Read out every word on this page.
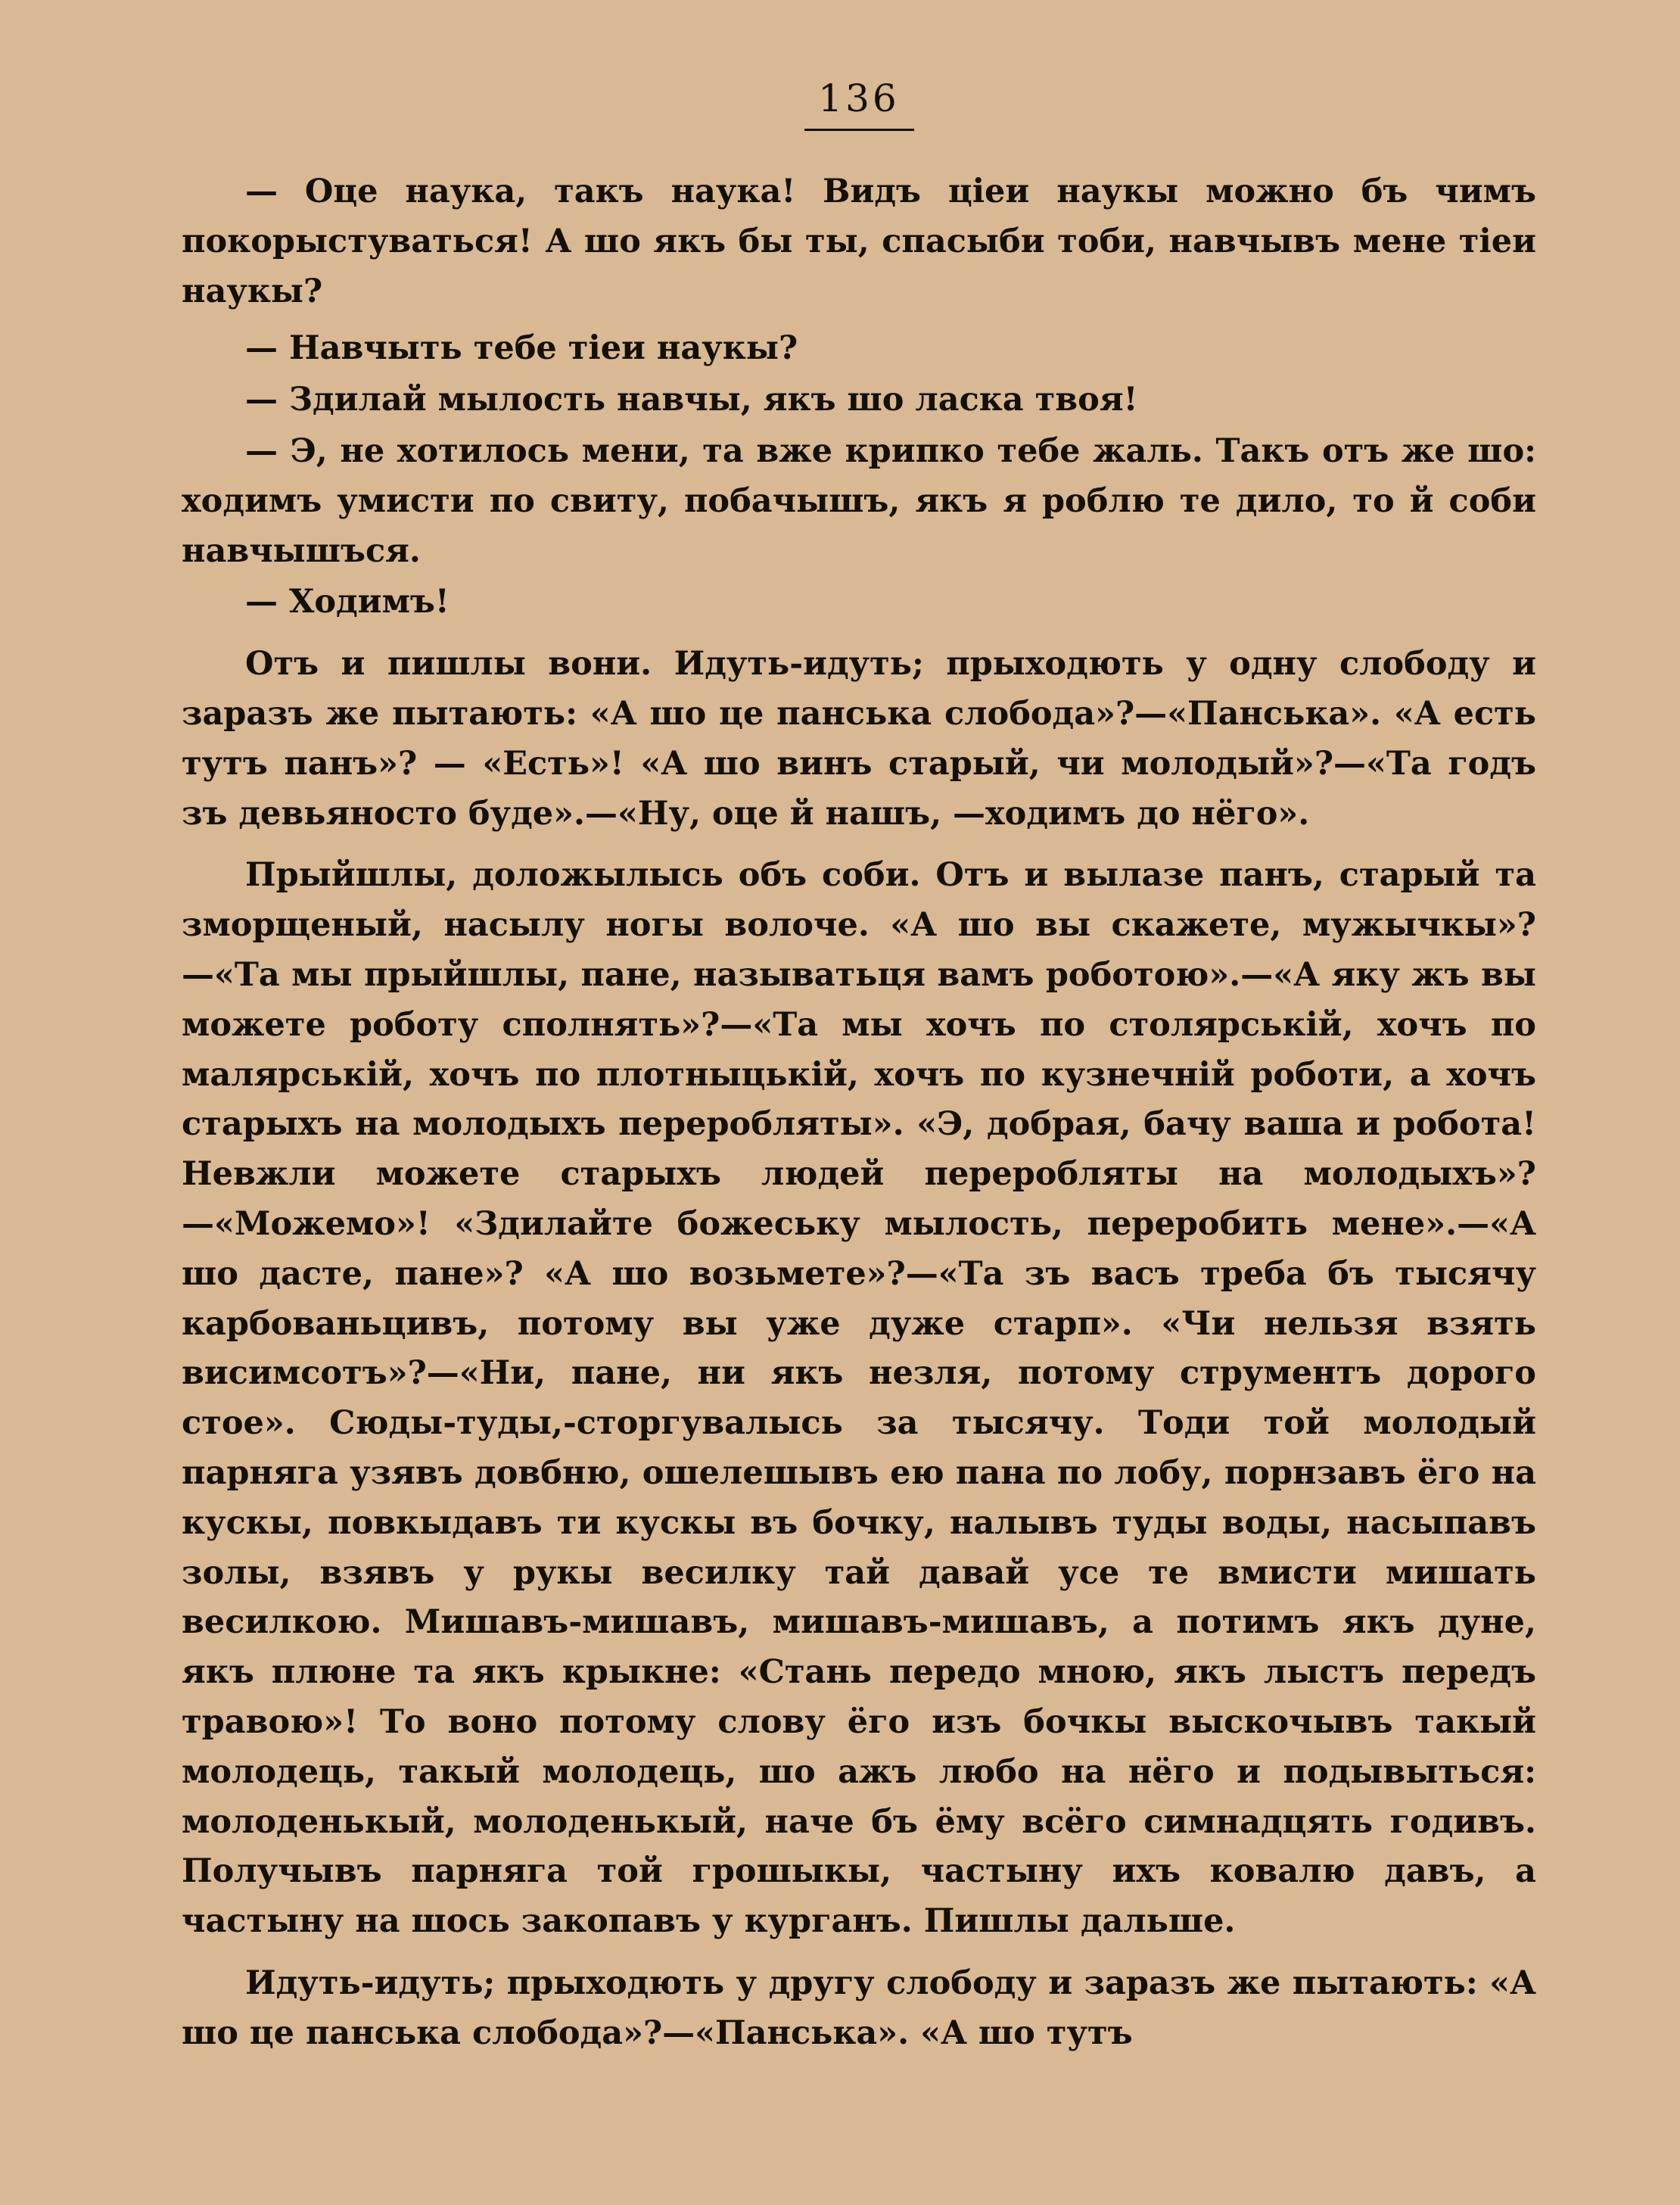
136

— Оце наука, такъ наука! Видъ ціеи наукы можно бъ чимъ покорыстуваться! А шо якъ бы ты, спасыби тоби, навчывъ мене тіеи наукы?

— Навчыть тебе тіеи наукы?

— Здилай мылость навчы, якъ шо ласка твоя!

— Э, не хотилось мени, та вже крипко тебе жаль. Такъ отъ же шо: ходимъ умисти по свиту, побачышъ, якъ я роблю те дило, то й соби навчышъся.

— Ходимъ!

Отъ и пишлы вони. Идуть-идуть; прыходють у одну слободу и заразъ же пытають: «А шо це панська слобода»?—«Панська». «А есть тутъ панъ»? — «Есть»! «А шо винъ старый, чи молодый»?—«Та годъ зъ девьяносто буде».—«Ну, оце й нашъ, —ходимъ до нёго».

Прыйшлы, доложылысь объ соби. Отъ и вылазе панъ, старый та зморщеный, насылу ногы волоче. «А шо вы скажете, мужычкы»?—«Та мы прыйшлы, пане, называтьця вамъ роботою».—«А яку жъ вы можете роботу сполнять»?—«Та мы хочъ по столярській, хочъ по малярській, хочъ по плотныцькій, хочъ по кузнечній роботи, а хочъ старыхъ на молодыхъ переробляты». «Э, добрая, бачу ваша и робота! Невжли можете старыхъ людей переробляты на молодыхъ»?—«Можемо»! «Здилайте божеську мылость, переробить мене».—«А шо дасте, пане»? «А шо возьмете»?—«Та зъ васъ треба бъ тысячу карбованьцивъ, потому вы уже дуже старп». «Чи нельзя взять висимсотъ»?—«Ни, пане, ни якъ незля, потому струментъ дорого стое». Сюды-туды,-сторгувалысь за тысячу. Тоди той молодый парняга узявъ довбню, ошелешывъ ею пана по лобу, порнзавъ ёго на кускы, повкыдавъ ти кускы въ бочку, налывъ туды воды, насыпавъ золы, взявъ у рукы весилку тай давай усе те вмисти мишать весилкою. Мишавъ-мишавъ, мишавъ-мишавъ, а потимъ якъ дуне, якъ плюне та якъ крыкне: «Стань передо мною, якъ лыстъ передъ травою»! То воно потому слову ёго изъ бочкы выскочывъ такый молодець, такый молодець, шо ажъ любо на нёго и подывыться: молоденькый, молоденькый, наче бъ ёму всёго симнадцять годивъ. Получывъ парняга той грошыкы, частыну ихъ ковалю давъ, а частыну на шось закопавъ у курганъ. Пишлы дальше.

Идуть-идуть; прыходють у другу слободу и заразъ же пытають: «А шо це панська слобода»?—«Панська». «А шо тутъ
